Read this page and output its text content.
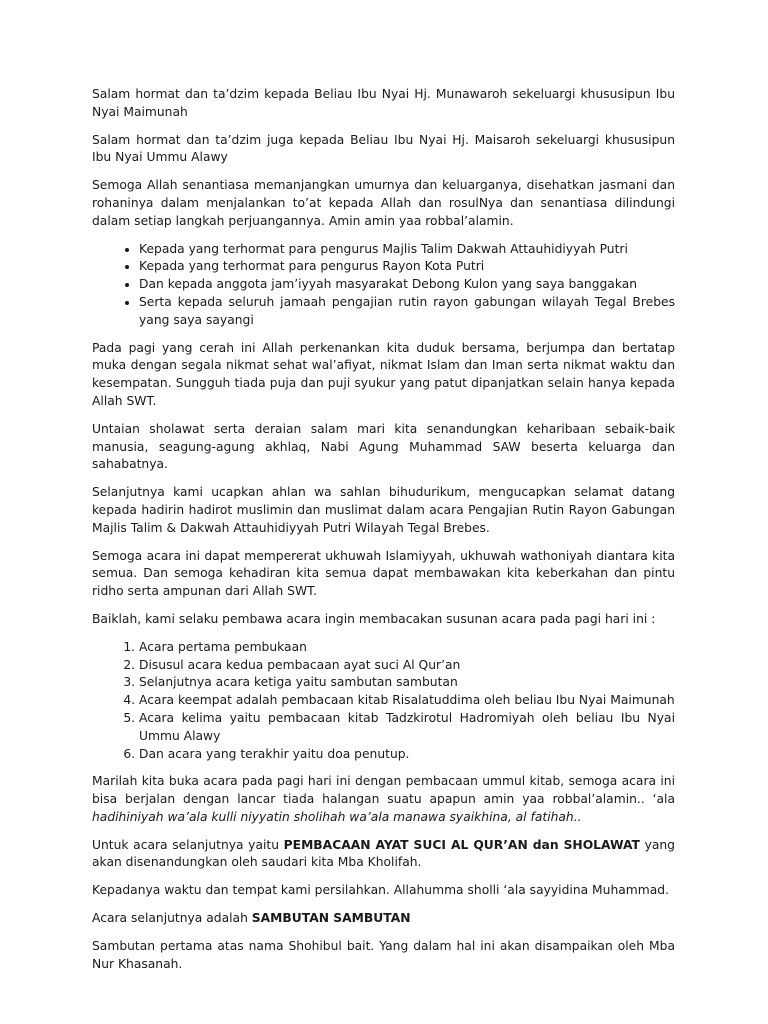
Salam hormat dan ta’dzim kepada Beliau Ibu Nyai Hj. Munawaroh sekeluargi khususipun Ibu Nyai Maimunah

Salam hormat dan ta’dzim juga kepada Beliau Ibu Nyai Hj. Maisaroh sekeluargi khususipun Ibu Nyai Ummu Alawy

Semoga Allah senantiasa memanjangkan umurnya dan keluarganya, disehatkan jasmani dan rohaninya dalam menjalankan to’at kepada Allah dan rosulNya dan senantiasa dilindungi dalam setiap langkah perjuangannya. Amin amin yaa robbal’alamin.

• Kepada yang terhormat para pengurus Majlis Talim Dakwah Attauhidiyyah Putri
• Kepada yang terhormat para pengurus Rayon Kota Putri
• Dan kepada anggota jam’iyyah masyarakat Debong Kulon yang saya banggakan
• Serta kepada seluruh jamaah pengajian rutin rayon gabungan wilayah Tegal Brebes yang saya sayangi

Pada pagi yang cerah ini Allah perkenankan kita duduk bersama, berjumpa dan bertatap muka dengan segala nikmat sehat wal’afiyat, nikmat Islam dan Iman serta nikmat waktu dan kesempatan. Sungguh tiada puja dan puji syukur yang patut dipanjatkan selain hanya kepada Allah SWT.

Untaian sholawat serta deraian salam mari kita senandungkan keharibaan sebaik-baik manusia, seagung-agung akhlaq, Nabi Agung Muhammad SAW beserta keluarga dan sahabatnya.

Selanjutnya kami ucapkan ahlan wa sahlan bihudurikum, mengucapkan selamat datang kepada hadirin hadirot muslimin dan muslimat dalam acara Pengajian Rutin Rayon Gabungan Majlis Talim & Dakwah Attauhidiyyah Putri Wilayah Tegal Brebes.

Semoga acara ini dapat mempererat ukhuwah Islamiyyah, ukhuwah wathoniyah diantara kita semua. Dan semoga kehadiran kita semua dapat membawakan kita keberkahan dan pintu ridho serta ampunan dari Allah SWT.

Baiklah, kami selaku pembawa acara ingin membacakan susunan acara pada pagi hari ini :

1. Acara pertama pembukaan
2. Disusul acara kedua pembacaan ayat suci Al Qur’an
3. Selanjutnya acara ketiga yaitu sambutan sambutan
4. Acara keempat adalah pembacaan kitab Risalatuddima oleh beliau Ibu Nyai Maimunah
5. Acara kelima yaitu pembacaan kitab Tadzkirotul Hadromiyah oleh beliau Ibu Nyai Ummu Alawy
6. Dan acara yang terakhir yaitu doa penutup.

Marilah kita buka acara pada pagi hari ini dengan pembacaan ummul kitab, semoga acara ini bisa berjalan dengan lancar tiada halangan suatu apapun amin yaa robbal’alamin.. ‘ala hadihiniyah wa’ala kulli niyyatin sholihah wa’ala manawa syaikhina, al fatihah..

Untuk acara selanjutnya yaitu PEMBACAAN AYAT SUCI AL QUR’AN dan SHOLAWAT yang akan disenandungkan oleh saudari kita Mba Kholifah.

Kepadanya waktu dan tempat kami persilahkan. Allahumma sholli ‘ala sayyidina Muhammad.

Acara selanjutnya adalah SAMBUTAN SAMBUTAN

Sambutan pertama atas nama Shohibul bait. Yang dalam hal ini akan disampaikan oleh Mba Nur Khasanah.
